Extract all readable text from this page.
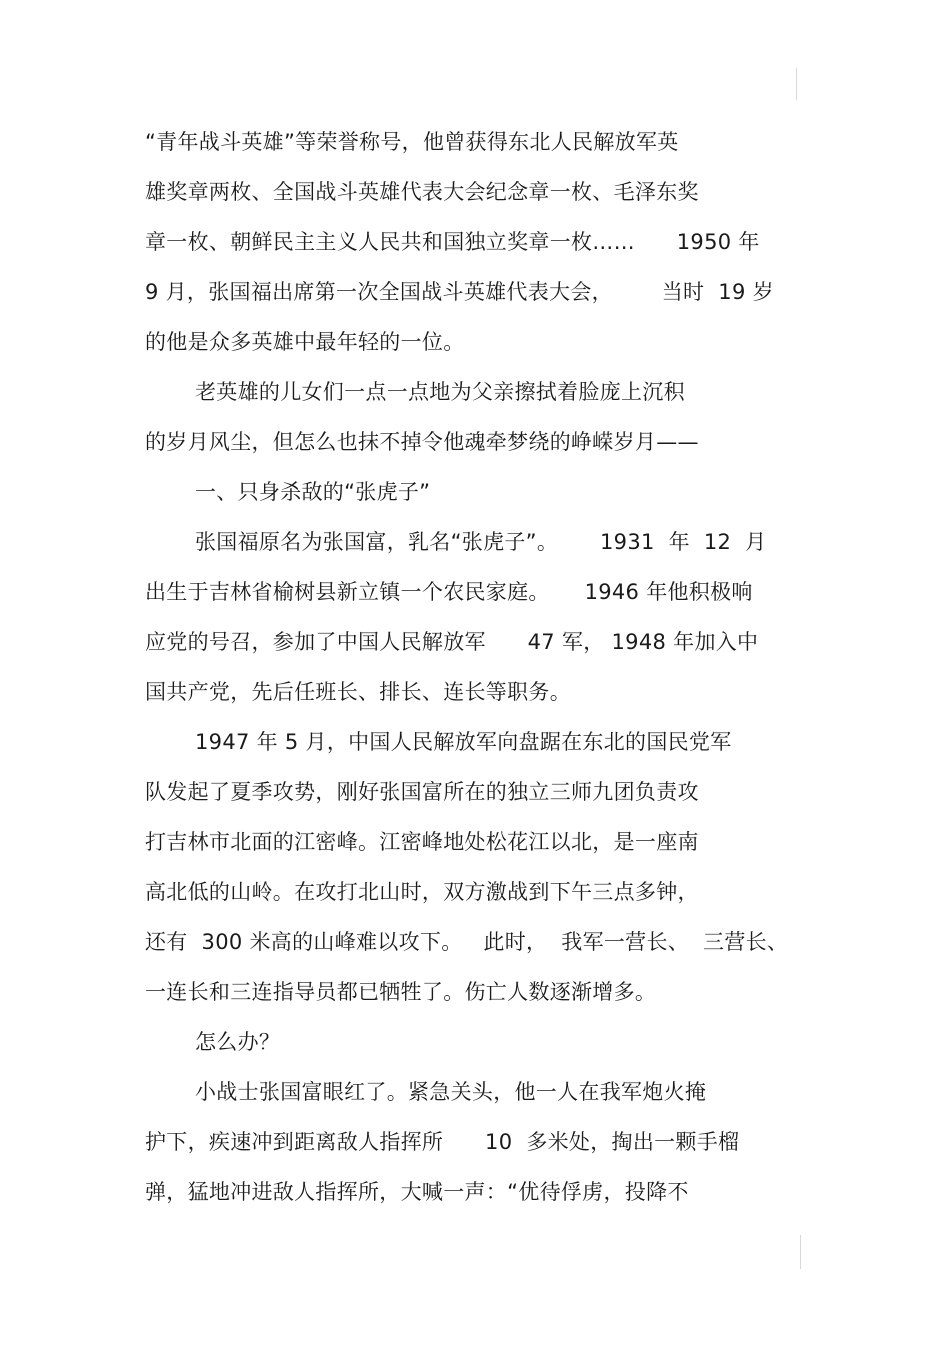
“青年战斗英雄”等荣誉称号，他曾获得东北人民解放军英

雄奖章两枚、全国战斗英雄代表大会纪念章一枚、毛泽东奖

章一枚、朝鲜民主主义人民共和国独立奖章一枚……      1950 年

9 月，张国福出席第一次全国战斗英雄代表大会，       当时  19 岁

的他是众多英雄中最年轻的一位。

老英雄的儿女们一点一点地为父亲擦拭着脸庞上沉积

的岁月风尘，但怎么也抹不掉令他魂牵梦绕的峥嵘岁月——

一、只身杀敌的“张虎子”

张国福原名为张国富，乳名“张虎子”。      1931  年  12  月

出生于吉林省榆树县新立镇一个农民家庭。     1946 年他积极响

应党的号召，参加了中国人民解放军      47 军， 1948 年加入中

国共产党，先后任班长、排长、连长等职务。

1947 年 5 月，中国人民解放军向盘踞在东北的国民党军

队发起了夏季攻势，刚好张国富所在的独立三师九团负责攻

打吉林市北面的江密峰。江密峰地处松花江以北，是一座南

高北低的山岭。在攻打北山时，双方激战到下午三点多钟，

还有  300 米高的山峰难以攻下。   此时，  我军一营长、  三营长、

一连长和三连指导员都已牺牲了。伤亡人数逐渐增多。

怎么办？

小战士张国富眼红了。紧急关头，他一人在我军炮火掩

护下，疾速冲到距离敌人指挥所      10  多米处，掏出一颗手榴

弹，猛地冲进敌人指挥所，大喊一声：“优待俘虏，投降不
